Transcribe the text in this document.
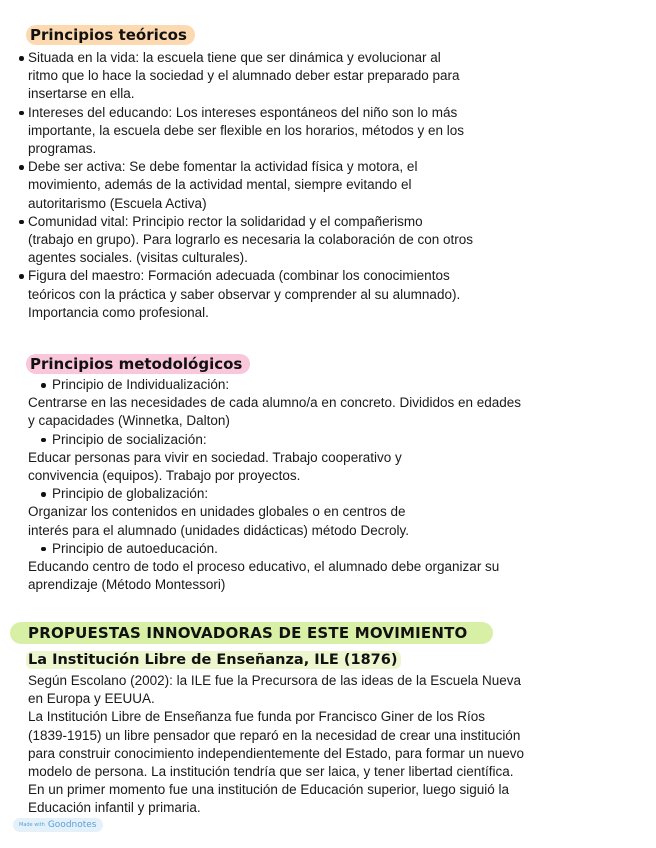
Principios teóricos
Situada en la vida: la escuela tiene que ser dinámica y evolucionar al
ritmo que lo hace la sociedad y el alumnado deber estar preparado para
insertarse en ella.
Intereses del educando: Los intereses espontáneos del niño son lo más
importante, la escuela debe ser flexible en los horarios, métodos y en los
programas.
Debe ser activa: Se debe fomentar la actividad física y motora, el
movimiento, además de la actividad mental, siempre evitando el
autoritarismo (Escuela Activa)
Comunidad vital: Principio rector la solidaridad y el compañerismo
(trabajo en grupo). Para lograrlo es necesaria la colaboración de con otros
agentes sociales. (visitas culturales).
Figura del maestro: Formación adecuada (combinar los conocimientos
teóricos con la práctica y saber observar y comprender al su alumnado).
Importancia como profesional.
Principios metodológicos
Principio de Individualización:
Centrarse en las necesidades de cada alumno/a en concreto. Divididos en edades
y capacidades (Winnetka, Dalton)
Principio de socialización:
Educar personas para vivir en sociedad. Trabajo cooperativo y
convivencia (equipos). Trabajo por proyectos.
Principio de globalización:
Organizar los contenidos en unidades globales o en centros de
interés para el alumnado (unidades didácticas) método Decroly.
Principio de autoeducación.
Educando centro de todo el proceso educativo, el alumnado debe organizar su
aprendizaje (Método Montessori)
PROPUESTAS INNOVADORAS DE ESTE MOVIMIENTO
La Institución Libre de Enseñanza, ILE (1876)
Según Escolano (2002): la ILE fue la Precursora de las ideas de la Escuela Nueva
en Europa y EEUUA.
La Institución Libre de Enseñanza fue funda por Francisco Giner de los Ríos
(1839-1915) un libre pensador que reparó en la necesidad de crear una institución
para construir conocimiento independientemente del Estado, para formar un nuevo
modelo de persona. La institución tendría que ser laica, y tener libertad científica.
En un primer momento fue una institución de Educación superior, luego siguió la
Educación infantil y primaria.
Made with Goodnotes
